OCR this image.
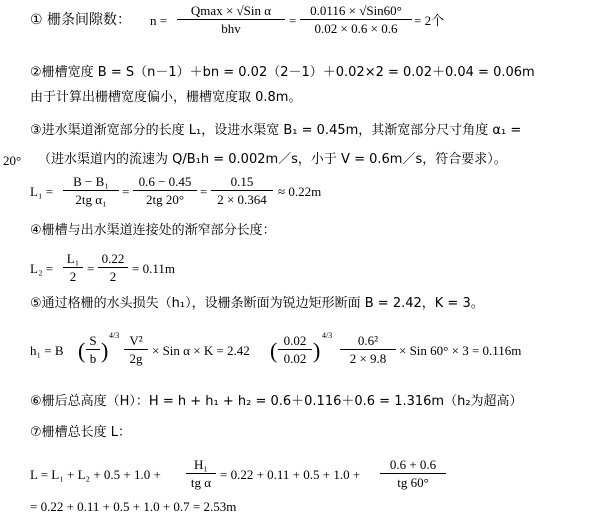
① 栅条间隙数： n =
Qmax × √Sin α
bhv
=
0.0116 × √Sin60°
0.02 × 0.6 × 0.6
= 2个
②栅槽宽度 B = S（n－1）＋bn = 0.02（2－1）＋0.02×2 = 0.02＋0.04 = 0.06m
由于计算出栅槽宽度偏小，栅槽宽度取 0.8m。
③进水渠道渐宽部分的长度 L₁，设进水渠宽 B₁ = 0.45m，其渐宽部分尺寸角度 α₁ =
20° （进水渠道内的流速为 Q/B₁h = 0.002m／s，小于 V = 0.6m／s，符合要求）。
L₁ =
B − B₁
2tg α₁
=
0.6 − 0.45
2tg 20°
=
0.15
2 × 0.364
≈ 0.22m
④栅槽与出水渠道连接处的渐窄部分长度：
L₂ =
L₁
2
=
0.22
2
= 0.11m
⑤通过格栅的水头损失（h₁），设栅条断面为锐边矩形断面 B = 2.42，K = 3。
h₁ = B ( S
b )
4/3 V²
2g
× Sin α × K = 2.42 ( 0.02
0.02 )
4/3	0.6²
2 × 9.8
× Sin 60° × 3 = 0.116m
⑥栅后总高度（H）：H = h + h₁ + h₂ = 0.6＋0.116＋0.6 = 1.316m（h₂为超高）
⑦栅槽总长度 L：
L = L₁ + L₂ + 0.5 + 1.0 +
H₁
tg α
= 0.22 + 0.11 + 0.5 + 1.0 +
0.6 + 0.6
tg 60°
= 0.22 + 0.11 + 0.5 + 1.0 + 0.7 = 2.53m
